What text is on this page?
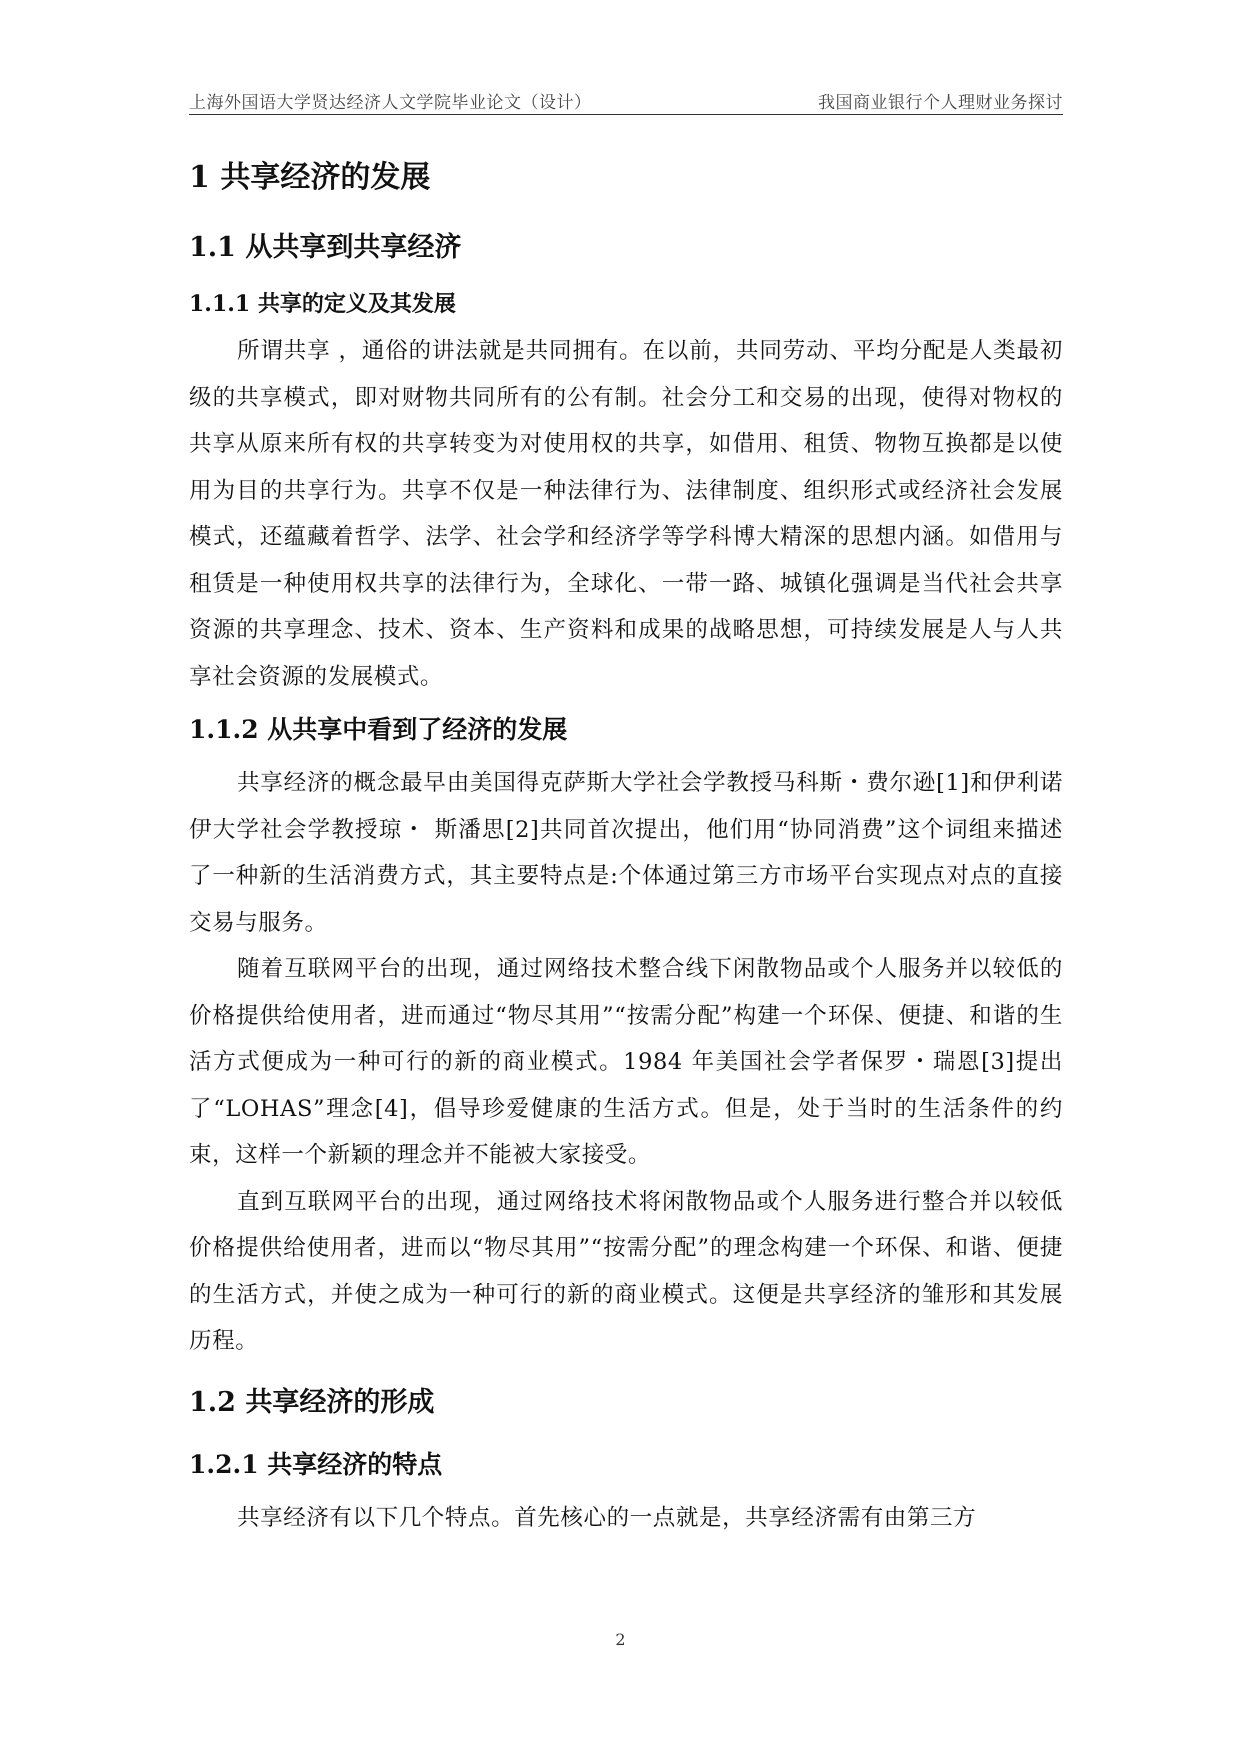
上海外国语大学贤达经济人文学院毕业论文（设计）	我国商业银行个人理财业务探讨
1 共享经济的发展
1.1 从共享到共享经济
1.1.1 共享的定义及其发展

所谓共享 ，通俗的讲法就是共同拥有。在以前，共同劳动、平均分配是人类最初级的共享模式，即对财物共同所有的公有制。社会分工和交易的出现，使得对物权的共享从原来所有权的共享转变为对使用权的共享，如借用、租赁、物物互换都是以使用为目的共享行为。共享不仅是一种法律行为、法律制度、组织形式或经济社会发展模式，还蕴藏着哲学、法学、社会学和经济学等学科博大精深的思想内涵。如借用与租赁是一种使用权共享的法律行为，全球化、一带一路、城镇化强调是当代社会共享资源的共享理念、技术、资本、生产资料和成果的战略思想，可持续发展是人与人共享社会资源的发展模式。

1.1.2 从共享中看到了经济的发展

共享经济的概念最早由美国得克萨斯大学社会学教授马科斯・费尔逊[1]和伊利诺伊大学社会学教授琼・ 斯潘思[2]共同首次提出，他们用“协同消费”这个词组来描述了一种新的生活消费方式，其主要特点是:个体通过第三方市场平台实现点对点的直接交易与服务。

随着互联网平台的出现，通过网络技术整合线下闲散物品或个人服务并以较低的价格提供给使用者，进而通过“物尽其用”“按需分配”构建一个环保、便捷、和谐的生活方式便成为一种可行的新的商业模式。1984 年美国社会学者保罗・瑞恩[3]提出了“LOHAS”理念[4]，倡导珍爱健康的生活方式。但是，处于当时的生活条件的约束，这样一个新颖的理念并不能被大家接受。

直到互联网平台的出现，通过网络技术将闲散物品或个人服务进行整合并以较低价格提供给使用者，进而以“物尽其用”“按需分配”的理念构建一个环保、和谐、便捷的生活方式，并使之成为一种可行的新的商业模式。这便是共享经济的雏形和其发展历程。

1.2 共享经济的形成
1.2.1 共享经济的特点

共享经济有以下几个特点。首先核心的一点就是，共享经济需有由第三方

2
